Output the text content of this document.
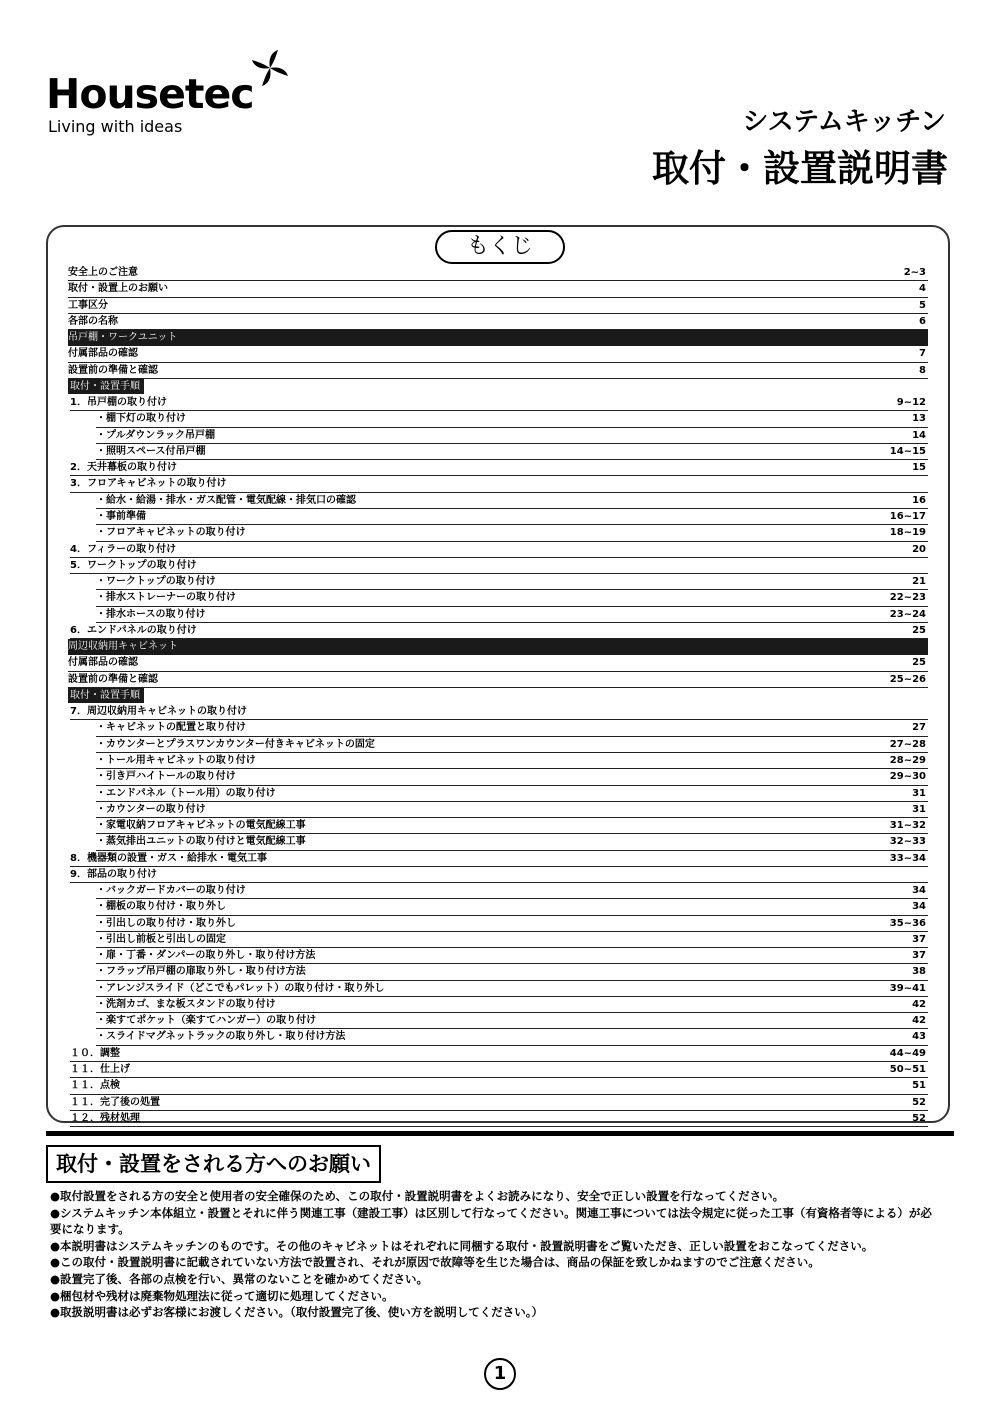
Housetec
Living with ideas	システムキッチン
取付・設置説明書
もくじ
安全上のご注意	2~3
取付・設置上のお願い	4
工事区分	5
各部の名称	6
吊戸棚・ワークユニット
付属部品の確認	7
設置前の準備と確認	8
取付・設置手順
1．吊戸棚の取り付け	9~12
・棚下灯の取り付け	13
・プルダウンラック吊戸棚	14
・照明スペース付吊戸棚	14~15
2．天井幕板の取り付け	15
3．フロアキャビネットの取り付け
・給水・給湯・排水・ガス配管・電気配線・排気口の確認	16
・事前準備	16~17
・フロアキャビネットの取り付け	18~19
4．フィラーの取り付け	20
5．ワークトップの取り付け
・ワークトップの取り付け	21
・排水ストレーナーの取り付け	22~23
・排水ホースの取り付け	23~24
6．エンドパネルの取り付け	25
周辺収納用キャビネット
付属部品の確認	25
設置前の準備と確認	25~26
取付・設置手順
7．周辺収納用キャビネットの取り付け
・キャビネットの配置と取り付け	27
・カウンターとプラスワンカウンター付きキャビネットの固定	27~28
・トール用キャビネットの取り付け	28~29
・引き戸ハイトールの取り付け	29~30
・エンドパネル（トール用）の取り付け	31
・カウンターの取り付け	31
・家電収納フロアキャビネットの電気配線工事	31~32
・蒸気排出ユニットの取り付けと電気配線工事	32~33
8．機器類の設置・ガス・給排水・電気工事	33~34
9．部品の取り付け
・バックガードカバーの取り付け	34
・棚板の取り付け・取り外し	34
・引出しの取り付け・取り外し	35~36
・引出し前板と引出しの固定	37
・扉・丁番・ダンパーの取り外し・取り付け方法	37
・フラップ吊戸棚の扉取り外し・取り付け方法	38
・アレンジスライド（どこでもパレット）の取り付け・取り外し	39~41
・洗剤カゴ、まな板スタンドの取り付け	42
・楽すてポケット（楽すてハンガー）の取り付け	42
・スライドマグネットラックの取り外し・取り付け方法	43
１０．調整	44~49
１１．仕上げ	50~51
１１．点検	51
１１．完了後の処置	52
１２．残材処理	52
取付・設置をされる方へのお願い

●取付設置をされる方の安全と使用者の安全確保のため、この取付・設置説明書をよくお読みになり、安全で正しい設置を行なってください。

●システムキッチン本体組立・設置とそれに伴う関連工事（建設工事）は区別して行なってください。関連工事については法令規定に従った工事（有資格者等による）が必要になります。

●本説明書はシステムキッチンのものです。その他のキャビネットはそれぞれに同梱する取付・設置説明書をご覧いただき、正しい設置をおこなってください。

●この取付・設置説明書に記載されていない方法で設置され、それが原因で故障等を生じた場合は、商品の保証を致しかねますのでご注意ください。

●設置完了後、各部の点検を行い、異常のないことを確かめてください。

●梱包材や残材は廃棄物処理法に従って適切に処理してください。

●取扱説明書は必ずお客様にお渡しください。（取付設置完了後、使い方を説明してください。）

1
